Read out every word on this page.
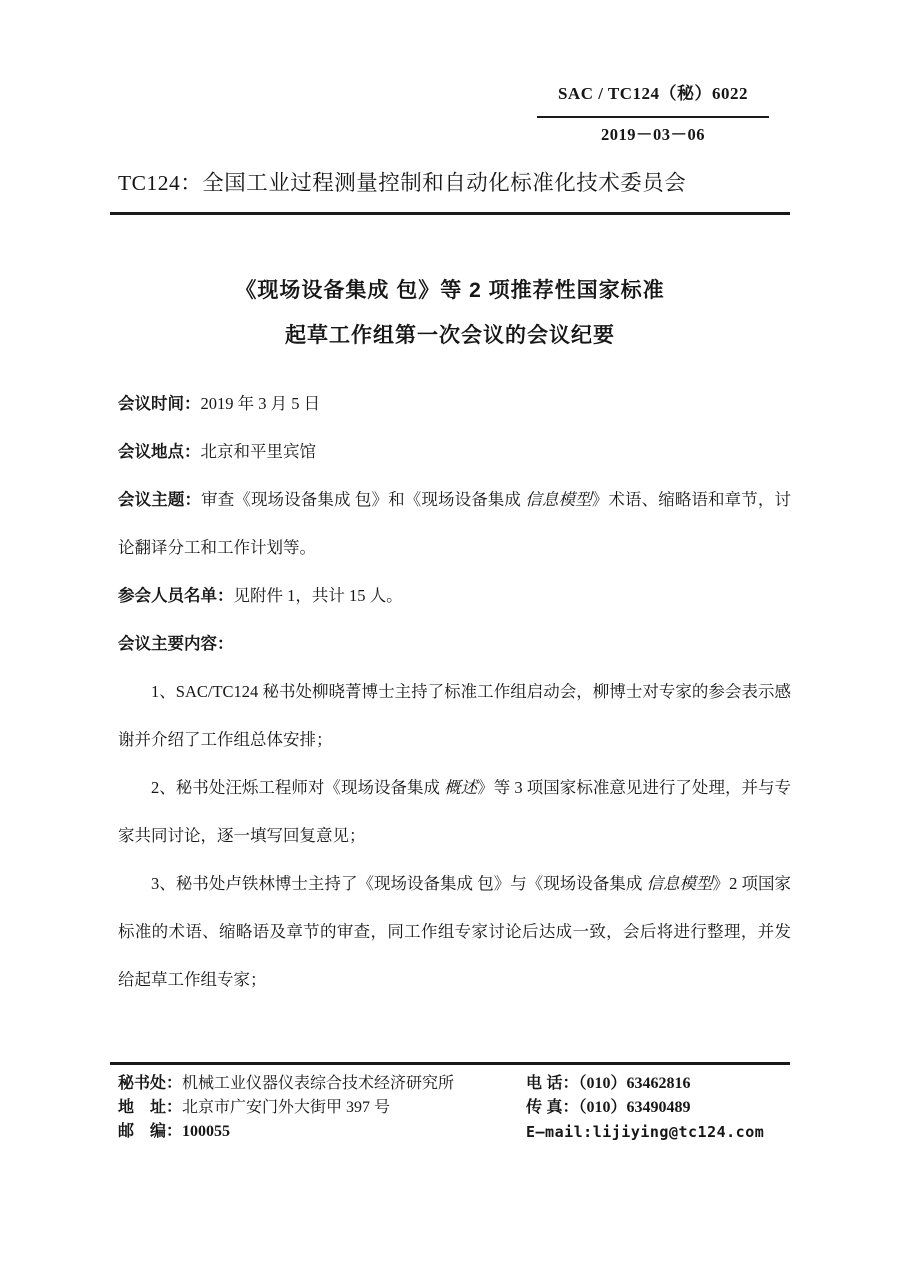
SAC / TC124（秘）6022
2019－03－06
TC124：全国工业过程测量控制和自动化标准化技术委员会
《现场设备集成 包》等 2 项推荐性国家标准
起草工作组第一次会议的会议纪要

会议时间：2019 年 3 月 5 日

会议地点：北京和平里宾馆

会议主题：审查《现场设备集成 包》和《现场设备集成 信息模型》术语、缩略语和章节，讨论翻译分工和工作计划等。

参会人员名单：见附件 1，共计 15 人。

会议主要内容：

1、SAC/TC124 秘书处柳晓菁博士主持了标准工作组启动会，柳博士对专家的参会表示感谢并介绍了工作组总体安排；

2、秘书处汪烁工程师对《现场设备集成 概述》等 3 项国家标准意见进行了处理，并与专家共同讨论，逐一填写回复意见；

3、秘书处卢铁林博士主持了《现场设备集成 包》与《现场设备集成 信息模型》2 项国家标准的术语、缩略语及章节的审查，同工作组专家讨论后达成一致，会后将进行整理，并发给起草工作组专家；

秘书处：机械工业仪器仪表综合技术经济研究所
地　址：北京市广安门外大街甲 397 号
邮　编：100055
电 话：（010）63462816
传 真：（010）63490489
E—mail:lijiying@tc124.com
